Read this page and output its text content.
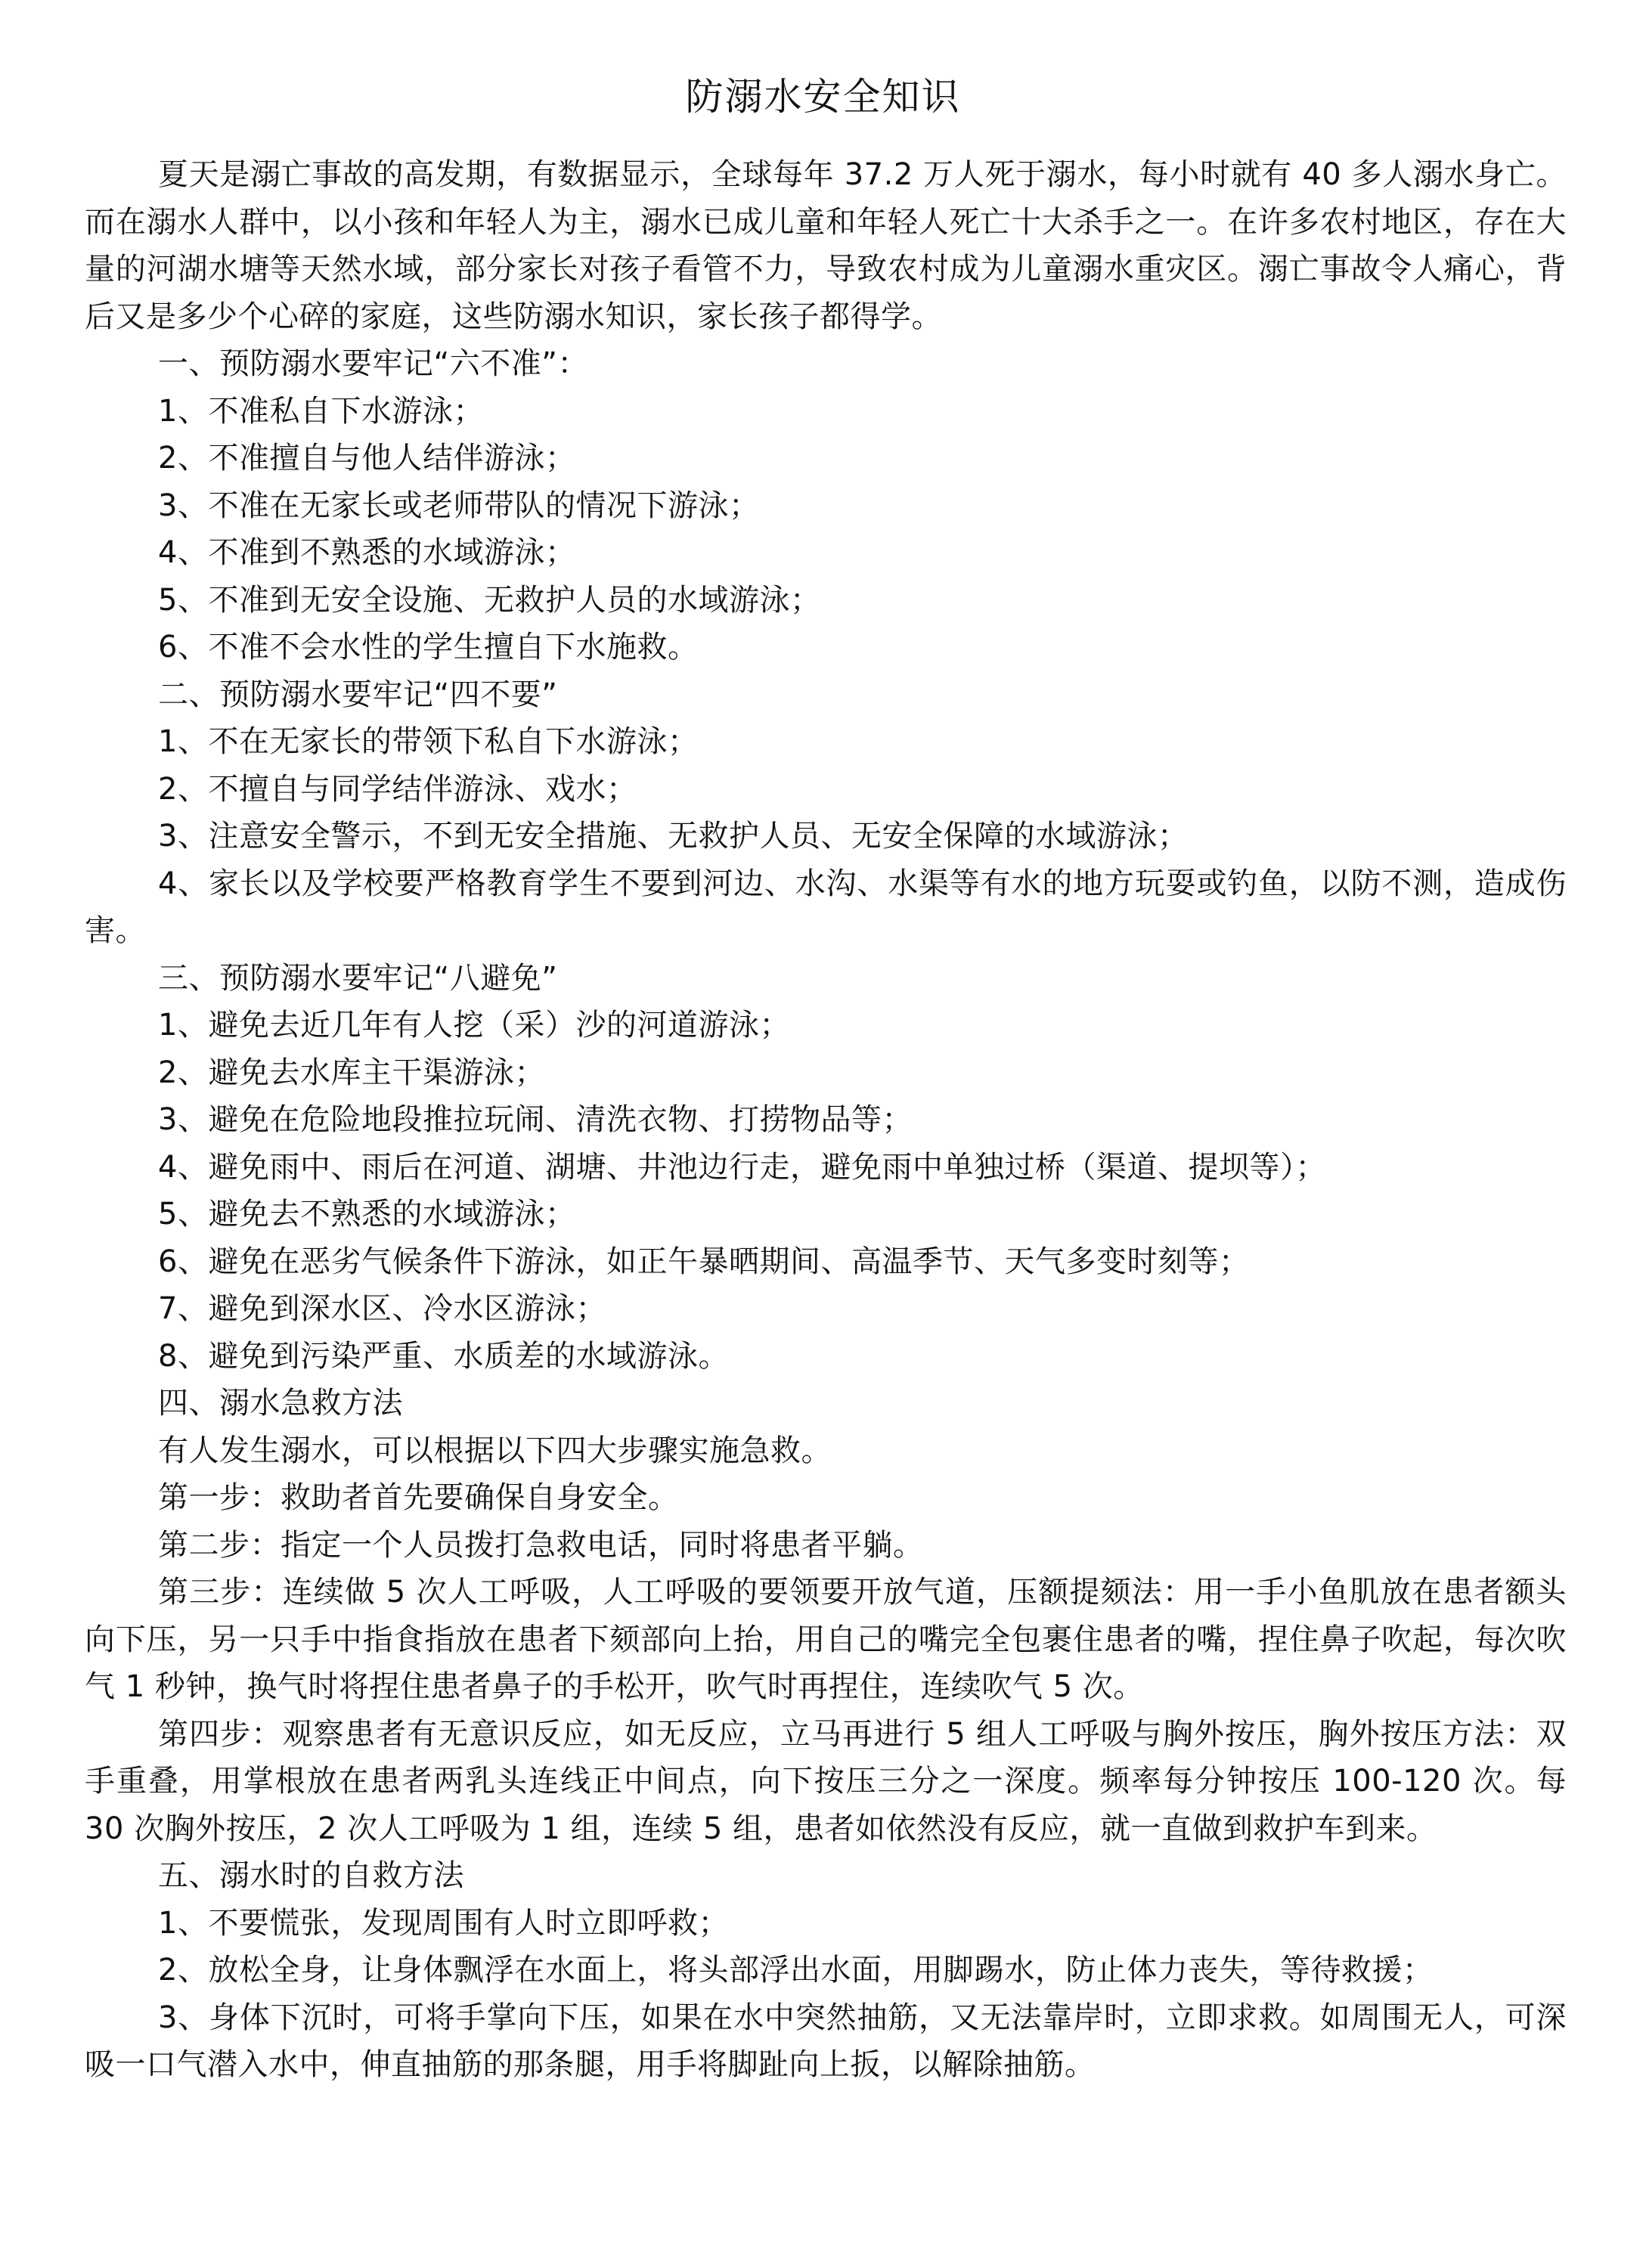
防溺水安全知识

夏天是溺亡事故的高发期，有数据显示，全球每年 37.2 万人死于溺水，每小时就有 40 多人溺水身亡。而在溺水人群中，以小孩和年轻人为主，溺水已成儿童和年轻人死亡十大杀手之一。在许多农村地区，存在大量的河湖水塘等天然水域，部分家长对孩子看管不力，导致农村成为儿童溺水重灾区。溺亡事故令人痛心，背后又是多少个心碎的家庭，这些防溺水知识，家长孩子都得学。

一、预防溺水要牢记“六不准”：

1、不准私自下水游泳；

2、不准擅自与他人结伴游泳；

3、不准在无家长或老师带队的情况下游泳；

4、不准到不熟悉的水域游泳；

5、不准到无安全设施、无救护人员的水域游泳；

6、不准不会水性的学生擅自下水施救。

二、预防溺水要牢记“四不要”

1、不在无家长的带领下私自下水游泳；

2、不擅自与同学结伴游泳、戏水；

3、注意安全警示，不到无安全措施、无救护人员、无安全保障的水域游泳；

4、家长以及学校要严格教育学生不要到河边、水沟、水渠等有水的地方玩耍或钓鱼，以防不测，造成伤害。

三、预防溺水要牢记“八避免”

1、避免去近几年有人挖（采）沙的河道游泳；

2、避免去水库主干渠游泳；

3、避免在危险地段推拉玩闹、清洗衣物、打捞物品等；

4、避免雨中、雨后在河道、湖塘、井池边行走，避免雨中单独过桥（渠道、提坝等）；

5、避免去不熟悉的水域游泳；

6、避免在恶劣气候条件下游泳，如正午暴晒期间、高温季节、天气多变时刻等；

7、避免到深水区、冷水区游泳；

8、避免到污染严重、水质差的水域游泳。

四、溺水急救方法

有人发生溺水，可以根据以下四大步骤实施急救。

第一步：救助者首先要确保自身安全。

第二步：指定一个人员拨打急救电话，同时将患者平躺。

第三步：连续做 5 次人工呼吸，人工呼吸的要领要开放气道，压额提颏法：用一手小鱼肌放在患者额头向下压，另一只手中指食指放在患者下颏部向上抬，用自己的嘴完全包裹住患者的嘴，捏住鼻子吹起，每次吹气 1 秒钟，换气时将捏住患者鼻子的手松开，吹气时再捏住，连续吹气 5 次。

第四步：观察患者有无意识反应，如无反应，立马再进行 5 组人工呼吸与胸外按压，胸外按压方法：双手重叠，用掌根放在患者两乳头连线正中间点，向下按压三分之一深度。频率每分钟按压 100-120 次。每 30 次胸外按压，2 次人工呼吸为 1 组，连续 5 组，患者如依然没有反应，就一直做到救护车到来。

五、溺水时的自救方法

1、不要慌张，发现周围有人时立即呼救；

2、放松全身，让身体飘浮在水面上，将头部浮出水面，用脚踢水，防止体力丧失，等待救援；

3、身体下沉时，可将手掌向下压，如果在水中突然抽筋，又无法靠岸时，立即求救。如周围无人，可深吸一口气潜入水中，伸直抽筋的那条腿，用手将脚趾向上扳，以解除抽筋。
